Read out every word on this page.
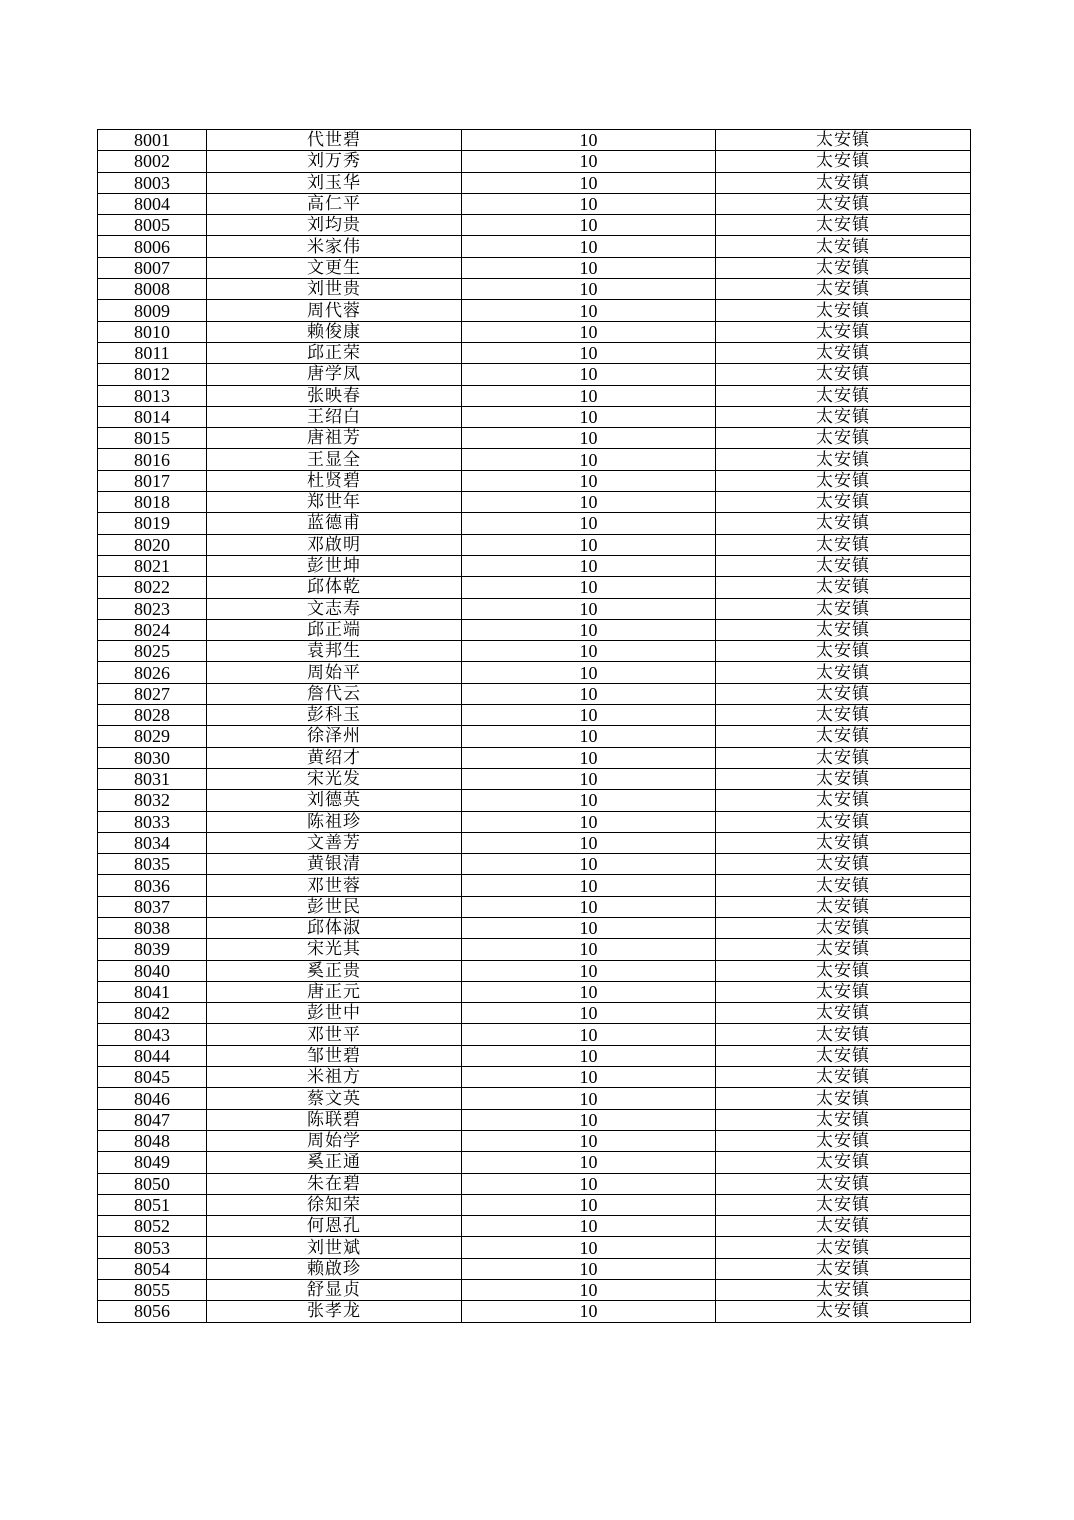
8001	代世碧	10	太安镇
8002	刘万秀	10	太安镇
8003	刘玉华	10	太安镇
8004	高仁平	10	太安镇
8005	刘均贵	10	太安镇
8006	米家伟	10	太安镇
8007	文更生	10	太安镇
8008	刘世贵	10	太安镇
8009	周代蓉	10	太安镇
8010	赖俊康	10	太安镇
8011	邱正荣	10	太安镇
8012	唐学凤	10	太安镇
8013	张映春	10	太安镇
8014	王绍白	10	太安镇
8015	唐祖芳	10	太安镇
8016	王显全	10	太安镇
8017	杜贤碧	10	太安镇
8018	郑世年	10	太安镇
8019	蓝德甫	10	太安镇
8020	邓啟明	10	太安镇
8021	彭世坤	10	太安镇
8022	邱体乾	10	太安镇
8023	文志寿	10	太安镇
8024	邱正端	10	太安镇
8025	袁邦生	10	太安镇
8026	周始平	10	太安镇
8027	詹代云	10	太安镇
8028	彭科玉	10	太安镇
8029	徐泽州	10	太安镇
8030	黄绍才	10	太安镇
8031	宋光发	10	太安镇
8032	刘德英	10	太安镇
8033	陈祖珍	10	太安镇
8034	文善芳	10	太安镇
8035	黄银清	10	太安镇
8036	邓世蓉	10	太安镇
8037	彭世民	10	太安镇
8038	邱体淑	10	太安镇
8039	宋光其	10	太安镇
8040	奚正贵	10	太安镇
8041	唐正元	10	太安镇
8042	彭世中	10	太安镇
8043	邓世平	10	太安镇
8044	邹世碧	10	太安镇
8045	米祖方	10	太安镇
8046	蔡文英	10	太安镇
8047	陈联碧	10	太安镇
8048	周始学	10	太安镇
8049	奚正通	10	太安镇
8050	朱在碧	10	太安镇
8051	徐知荣	10	太安镇
8052	何恩孔	10	太安镇
8053	刘世斌	10	太安镇
8054	赖啟珍	10	太安镇
8055	舒显贞	10	太安镇
8056	张孝龙	10	太安镇
